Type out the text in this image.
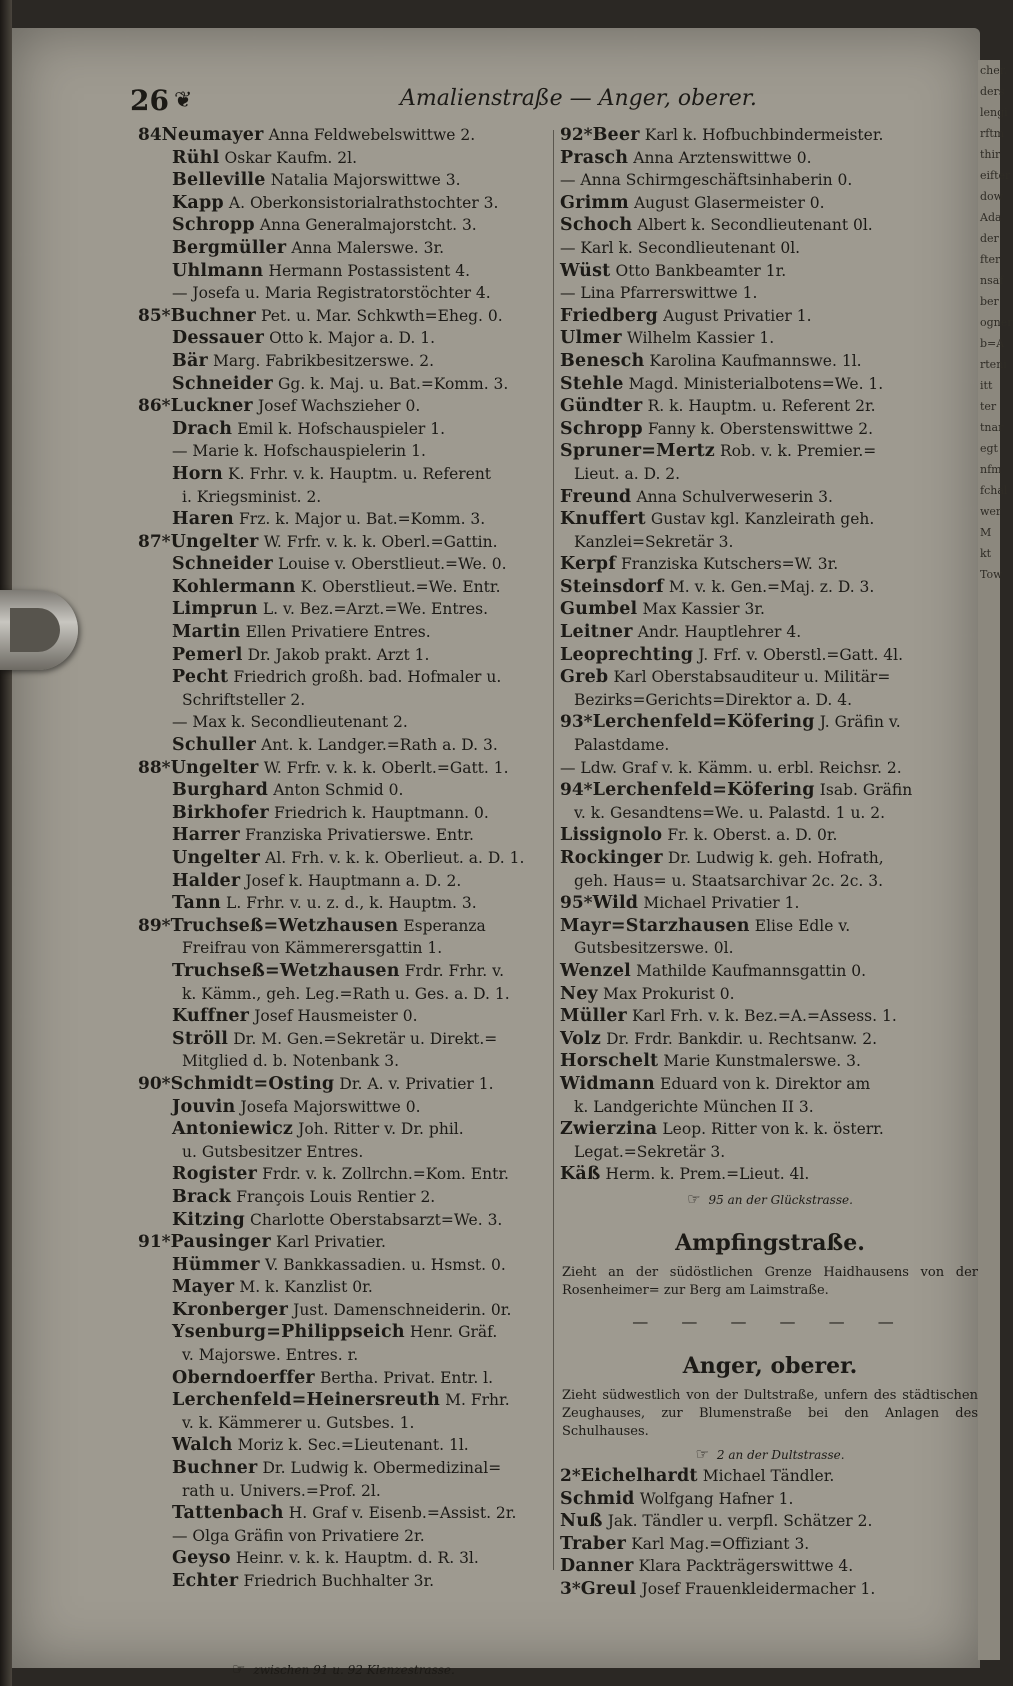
cher.
ders
lengi
rftm
thir
eifter
dow
Ada
der
fter
nsaf
ber
ogner
b=A
rteni
itt
ter
tnar
egt
nfm
fchal
wer
M
kt
Tow
26 ❦	Amalienstraße — Anger, oberer.
84Neumayer Anna Feldwebelswittwe 2.
Rühl Oskar Kaufm. 2l.
Belleville Natalia Majorswittwe 3.
Kapp A. Oberkonsistorialrathstochter 3.
Schropp Anna Generalmajorstcht. 3.
Bergmüller Anna Malerswe. 3r.
Uhlmann Hermann Postassistent 4.
— Josefa u. Maria Registratorstöchter 4.
85*Buchner Pet. u. Mar. Schkwth=Eheg. 0.
Dessauer Otto k. Major a. D. 1.
Bär Marg. Fabrikbesitzerswe. 2.
Schneider Gg. k. Maj. u. Bat.=Komm. 3.
86*Luckner Josef Wachszieher 0.
Drach Emil k. Hofschauspieler 1.
— Marie k. Hofschauspielerin 1.
Horn K. Frhr. v. k. Hauptm. u. Referent
i. Kriegsminist. 2.
Haren Frz. k. Major u. Bat.=Komm. 3.
87*Ungelter W. Frfr. v. k. k. Oberl.=Gattin.
Schneider Louise v. Oberstlieut.=We. 0.
Kohlermann K. Oberstlieut.=We. Entr.
Limprun L. v. Bez.=Arzt.=We. Entres.
Martin Ellen Privatiere Entres.
Pemerl Dr. Jakob prakt. Arzt 1.
Pecht Friedrich großh. bad. Hofmaler u.
Schriftsteller 2.
— Max k. Secondlieutenant 2.
Schuller Ant. k. Landger.=Rath a. D. 3.
88*Ungelter W. Frfr. v. k. k. Oberlt.=Gatt. 1.
Burghard Anton Schmid 0.
Birkhofer Friedrich k. Hauptmann. 0.
Harrer Franziska Privatierswe. Entr.
Ungelter Al. Frh. v. k. k. Oberlieut. a. D. 1.
Halder Josef k. Hauptmann a. D. 2.
Tann L. Frhr. v. u. z. d., k. Hauptm. 3.
89*Truchseß=Wetzhausen Esperanza
Freifrau von Kämmerersgattin 1.
Truchseß=Wetzhausen Frdr. Frhr. v.
k. Kämm., geh. Leg.=Rath u. Ges. a. D. 1.
Kuffner Josef Hausmeister 0.
Ströll Dr. M. Gen.=Sekretär u. Direkt.=
Mitglied d. b. Notenbank 3.
90*Schmidt=Osting Dr. A. v. Privatier 1.
Jouvin Josefa Majorswittwe 0.
Antoniewicz Joh. Ritter v. Dr. phil.
u. Gutsbesitzer Entres.
Rogister Frdr. v. k. Zollrchn.=Kom. Entr.
Brack François Louis Rentier 2.
Kitzing Charlotte Oberstabsarzt=We. 3.
91*Pausinger Karl Privatier.
Hümmer V. Bankkassadien. u. Hsmst. 0.
Mayer M. k. Kanzlist 0r.
Kronberger Just. Damenschneiderin. 0r.
Ysenburg=Philippseich Henr. Gräf.
v. Majorswe. Entres. r.
Oberndoerffer Bertha. Privat. Entr. l.
Lerchenfeld=Heinersreuth M. Frhr.
v. k. Kämmerer u. Gutsbes. 1.
Walch Moriz k. Sec.=Lieutenant. 1l.
Buchner Dr. Ludwig k. Obermedizinal=
rath u. Univers.=Prof. 2l.
Tattenbach H. Graf v. Eisenb.=Assist. 2r.
— Olga Gräfin von Privatiere 2r.
Geyso Heinr. v. k. k. Hauptm. d. R. 3l.
Echter Friedrich Buchhalter 3r.
☞ zwischen 91 u. 92 Klenzestrasse.
92*Beer Karl k. Hofbuchbindermeister.
Prasch Anna Arztenswittwe 0.
— Anna Schirmgeschäftsinhaberin 0.
Grimm August Glasermeister 0.
Schoch Albert k. Secondlieutenant 0l.
— Karl k. Secondlieutenant 0l.
Wüst Otto Bankbeamter 1r.
— Lina Pfarrerswittwe 1.
Friedberg August Privatier 1.
Ulmer Wilhelm Kassier 1.
Benesch Karolina Kaufmannswe. 1l.
Stehle Magd. Ministerialbotens=We. 1.
Gündter R. k. Hauptm. u. Referent 2r.
Schropp Fanny k. Oberstenswittwe 2.
Spruner=Mertz Rob. v. k. Premier.=
Lieut. a. D. 2.
Freund Anna Schulverweserin 3.
Knuffert Gustav kgl. Kanzleirath geh.
Kanzlei=Sekretär 3.
Kerpf Franziska Kutschers=W. 3r.
Steinsdorf M. v. k. Gen.=Maj. z. D. 3.
Gumbel Max Kassier 3r.
Leitner Andr. Hauptlehrer 4.
Leoprechting J. Frf. v. Oberstl.=Gatt. 4l.
Greb Karl Oberstabsauditeur u. Militär=
Bezirks=Gerichts=Direktor a. D. 4.
93*Lerchenfeld=Köfering J. Gräfin v.
Palastdame.
— Ldw. Graf v. k. Kämm. u. erbl. Reichsr. 2.
94*Lerchenfeld=Köfering Isab. Gräfin
v. k. Gesandtens=We. u. Palastd. 1 u. 2.
Lissignolo Fr. k. Oberst. a. D. 0r.
Rockinger Dr. Ludwig k. geh. Hofrath,
geh. Haus= u. Staatsarchivar 2c. 2c. 3.
95*Wild Michael Privatier 1.
Mayr=Starzhausen Elise Edle v.
Gutsbesitzerswe. 0l.
Wenzel Mathilde Kaufmannsgattin 0.
Ney Max Prokurist 0.
Müller Karl Frh. v. k. Bez.=A.=Assess. 1.
Volz Dr. Frdr. Bankdir. u. Rechtsanw. 2.
Horschelt Marie Kunstmalerswe. 3.
Widmann Eduard von k. Direktor am
k. Landgerichte München II 3.
Zwierzina Leop. Ritter von k. k. österr.
Legat.=Sekretär 3.
Käß Herm. k. Prem.=Lieut. 4l.
☞ 95 an der Glückstrasse.
Ampfingstraße.
Zieht an der südöstlichen Grenze Haidhausens von der Rosenheimer= zur Berg am Laimstraße.
— — — — — —
Anger, oberer.
Zieht südwestlich von der Dultstraße, unfern des städtischen Zeughauses, zur Blumenstraße bei den Anlagen des Schulhauses.
☞ 2 an der Dultstrasse.
2*Eichelhardt Michael Tändler.
Schmid Wolfgang Hafner 1.
Nuß Jak. Tändler u. verpfl. Schätzer 2.
Traber Karl Mag.=Offiziant 3.
Danner Klara Packträgerswittwe 4.
3*Greul Josef Frauenkleidermacher 1.
